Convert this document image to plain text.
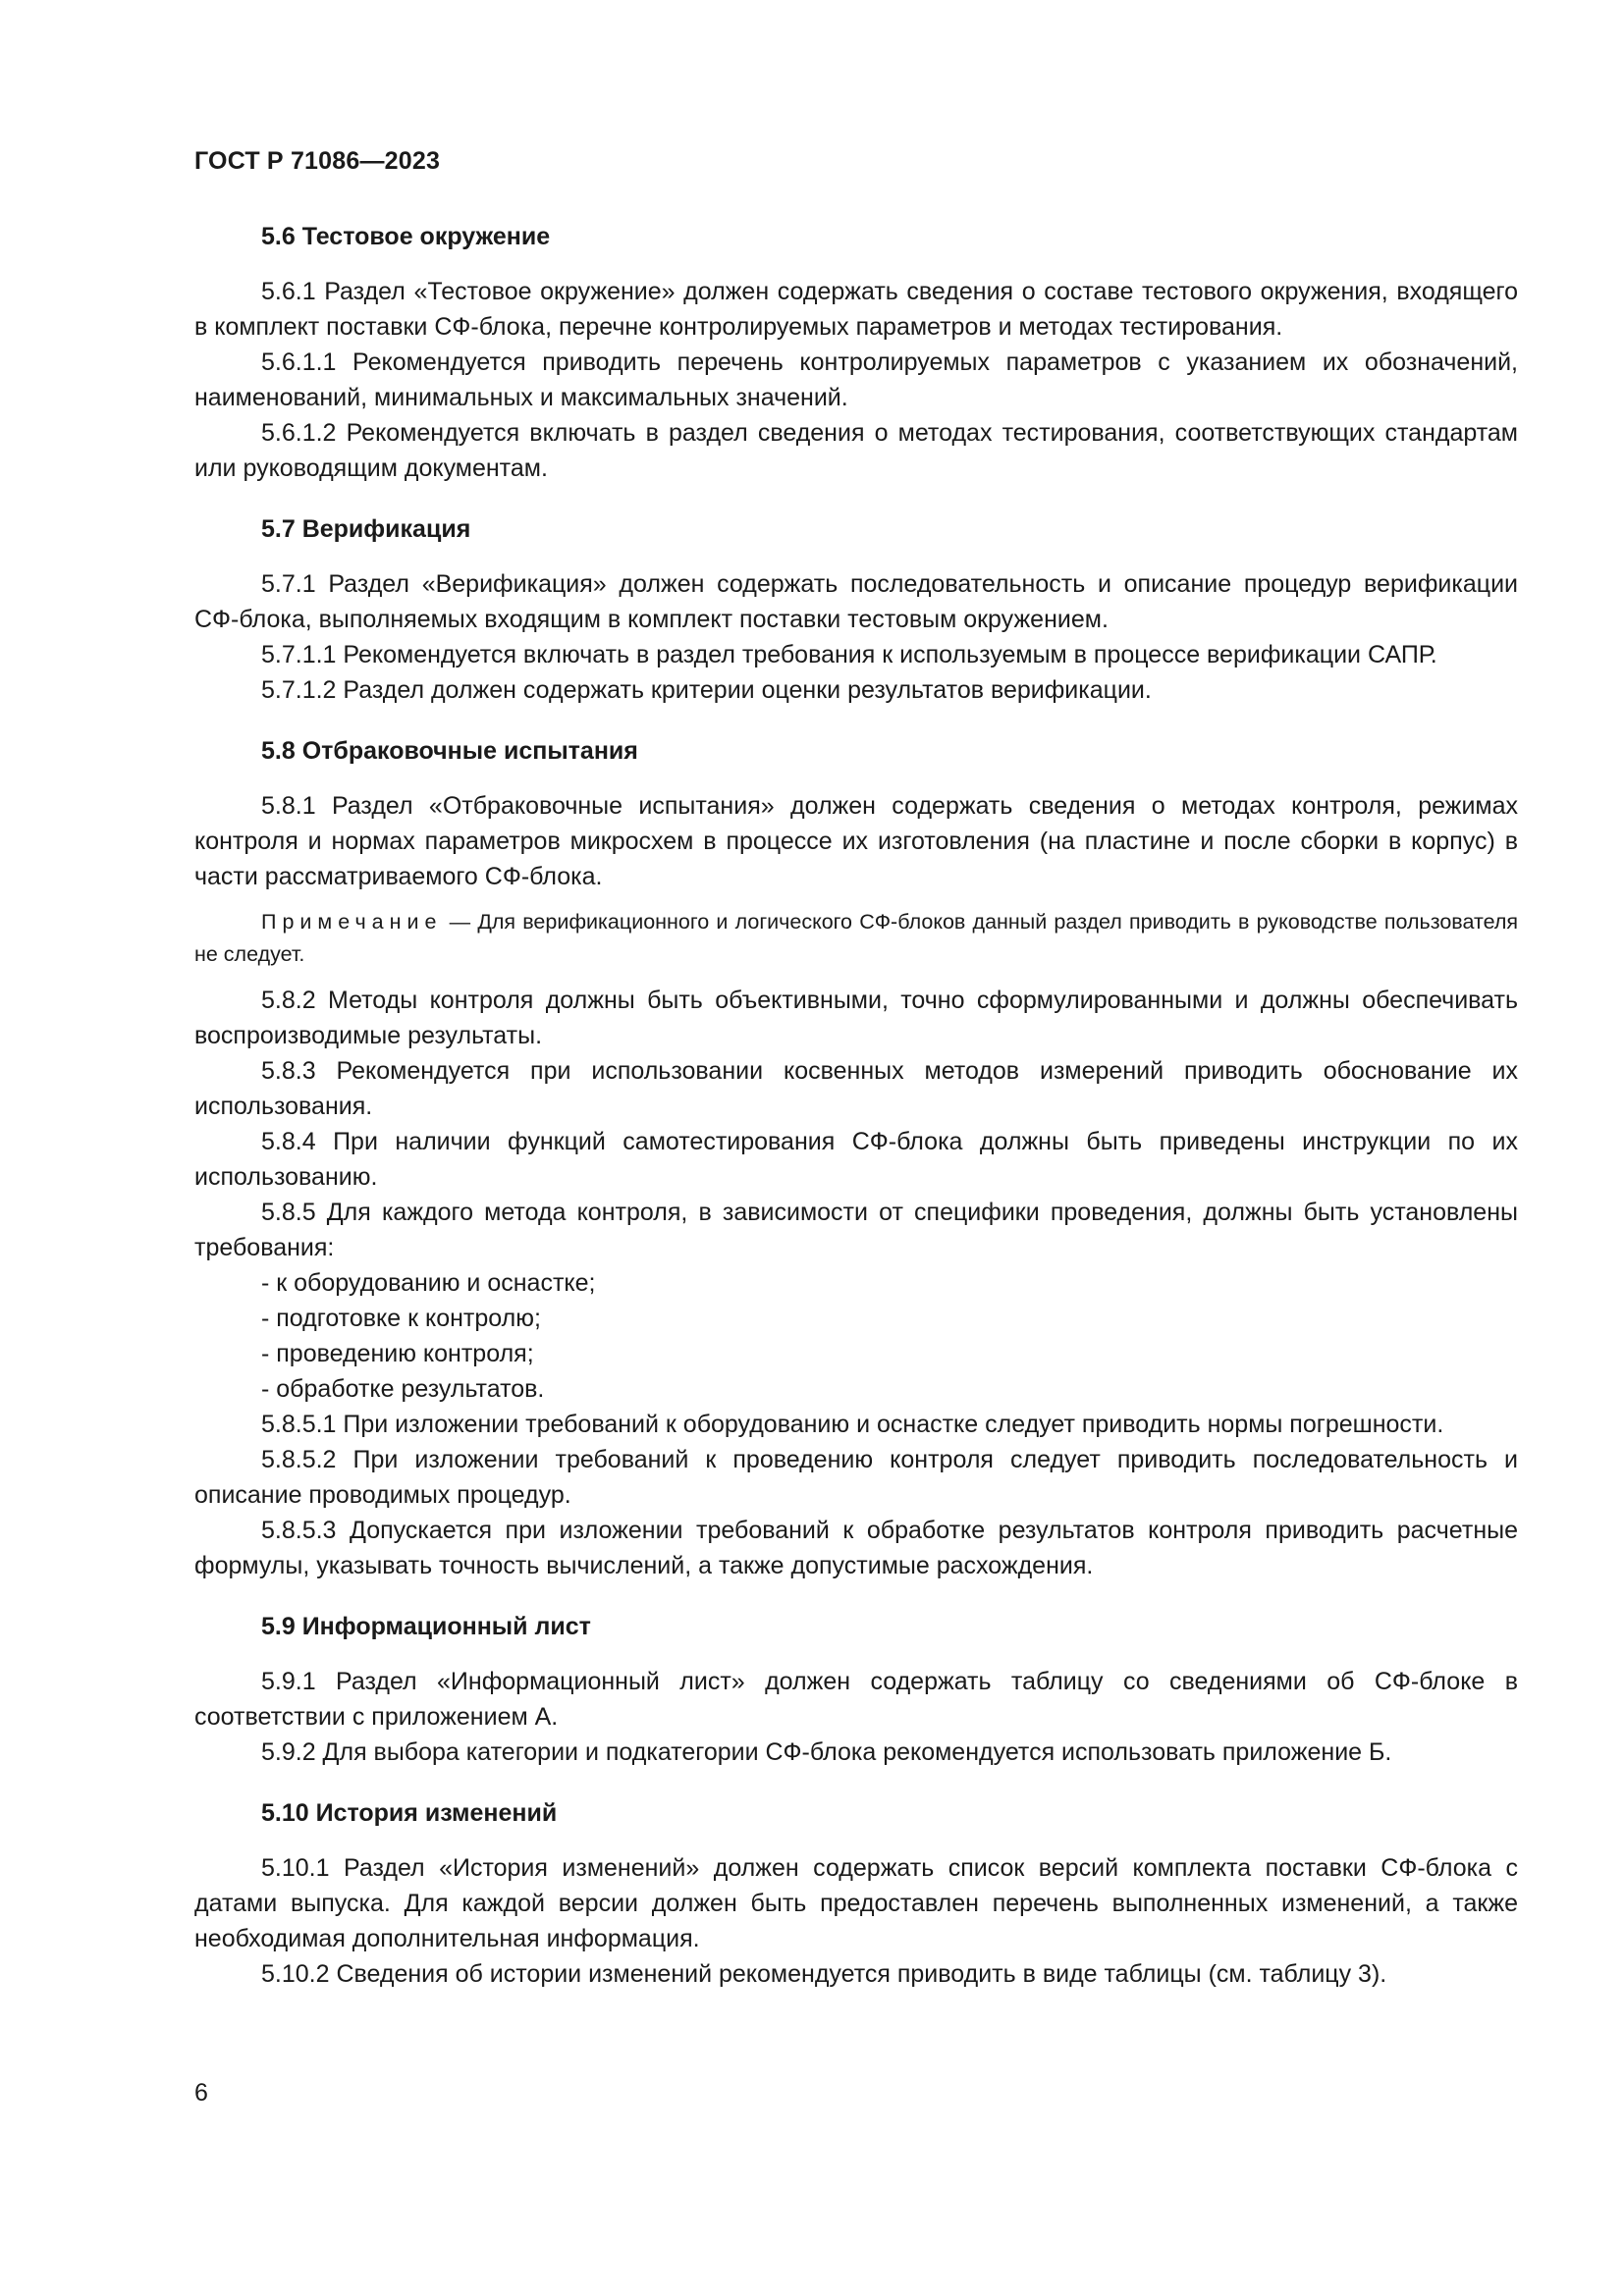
ГОСТ Р 71086—2023
5.6 Тестовое окружение

5.6.1 Раздел «Тестовое окружение» должен содержать сведения о составе тестового окружения, входящего в комплект поставки СФ-блока, перечне контролируемых параметров и методах тестирования.

5.6.1.1 Рекомендуется приводить перечень контролируемых параметров с указанием их обозначений, наименований, минимальных и максимальных значений.

5.6.1.2 Рекомендуется включать в раздел сведения о методах тестирования, соответствующих стандартам или руководящим документам.

5.7 Верификация

5.7.1 Раздел «Верификация» должен содержать последовательность и описание процедур верификации СФ-блока, выполняемых входящим в комплект поставки тестовым окружением.

5.7.1.1 Рекомендуется включать в раздел требования к используемым в процессе верификации САПР.

5.7.1.2 Раздел должен содержать критерии оценки результатов верификации.

5.8 Отбраковочные испытания

5.8.1 Раздел «Отбраковочные испытания» должен содержать сведения о методах контроля, режимах контроля и нормах параметров микросхем в процессе их изготовления (на пластине и после сборки в корпус) в части рассматриваемого СФ-блока.

Примечание — Для верификационного и логического СФ-блоков данный раздел приводить в руководстве пользователя не следует.

5.8.2 Методы контроля должны быть объективными, точно сформулированными и должны обеспечивать воспроизводимые результаты.

5.8.3 Рекомендуется при использовании косвенных методов измерений приводить обоснование их использования.

5.8.4 При наличии функций самотестирования СФ-блока должны быть приведены инструкции по их использованию.

5.8.5 Для каждого метода контроля, в зависимости от специфики проведения, должны быть установлены требования:

- к оборудованию и оснастке;
- подготовке к контролю;
- проведению контроля;
- обработке результатов.

5.8.5.1 При изложении требований к оборудованию и оснастке следует приводить нормы погрешности.

5.8.5.2 При изложении требований к проведению контроля следует приводить последовательность и описание проводимых процедур.

5.8.5.3 Допускается при изложении требований к обработке результатов контроля приводить расчетные формулы, указывать точность вычислений, а также допустимые расхождения.

5.9 Информационный лист

5.9.1 Раздел «Информационный лист» должен содержать таблицу со сведениями об СФ-блоке в соответствии с приложением А.

5.9.2 Для выбора категории и подкатегории СФ-блока рекомендуется использовать приложение Б.

5.10 История изменений

5.10.1 Раздел «История изменений» должен содержать список версий комплекта поставки СФ-блока с датами выпуска. Для каждой версии должен быть предоставлен перечень выполненных изменений, а также необходимая дополнительная информация.

5.10.2 Сведения об истории изменений рекомендуется приводить в виде таблицы (см. таблицу 3).

6
